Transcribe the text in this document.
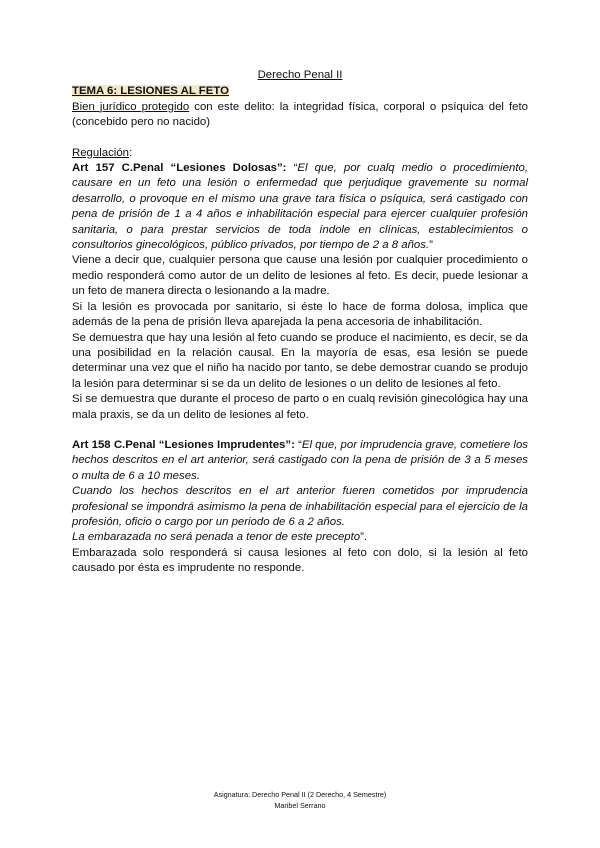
Derecho Penal II

TEMA 6: LESIONES AL FETO

Bien jurídico protegido con este delito: la integridad física, corporal o psíquica del feto (concebido pero no nacido)

Regulación:

Art 157 C.Penal “Lesiones Dolosas”: “El que, por cualq medio o procedimiento, causare en un feto una lesión o enfermedad que perjudique gravemente su normal desarrollo, o provoque en el mismo una grave tara física o psíquica, será castigado con pena de prisión de 1 a 4 años e inhabilitación especial para ejercer cualquier profesión sanitaria, o para prestar servicios de toda índole en clínicas, establecimientos o consultorios ginecológicos, público privados, por tiempo de 2 a 8 años.”

Viene a decir que, cualquier persona que cause una lesión por cualquier procedimiento o medio responderá como autor de un delito de lesiones al feto. Es decir, puede lesionar a un feto de manera directa o lesionando a la madre.

Si la lesión es provocada por sanitario, si éste lo hace de forma dolosa, implica que además de la pena de prisión lleva aparejada la pena accesoria de inhabilitación.

Se demuestra que hay una lesión al feto cuando se produce el nacimiento, es decir, se da una posibilidad en la relación causal. En la mayoría de esas, esa lesión se puede determinar una vez que el niño ha nacido por tanto, se debe demostrar cuando se produjo la lesión para determinar si se da un delito de lesiones o un delito de lesiones al feto.

Si se demuestra que durante el proceso de parto o en cualq revisión ginecológica hay una mala praxis, se da un delito de lesiones al feto.

Art 158 C.Penal “Lesiones Imprudentes”: “El que, por imprudencia grave, cometiere los hechos descritos en el art anterior, será castigado con la pena de prisión de 3 a 5 meses o multa de 6 a 10 meses.

Cuando los hechos descritos en el art anterior fueren cometidos por imprudencia profesional se impondrá asimismo la pena de inhabilitación especial para el ejercicio de la profesión, oficio o cargo por un periodo de 6 a 2 años.

La embarazada no será penada a tenor de este precepto”.

Embarazada solo responderá si causa lesiones al feto con dolo, si la lesión al feto causado por ésta es imprudente no responde.

Asignatura: Derecho Penal II (2 Derecho, 4 Semestre)
Maribel Serrano
